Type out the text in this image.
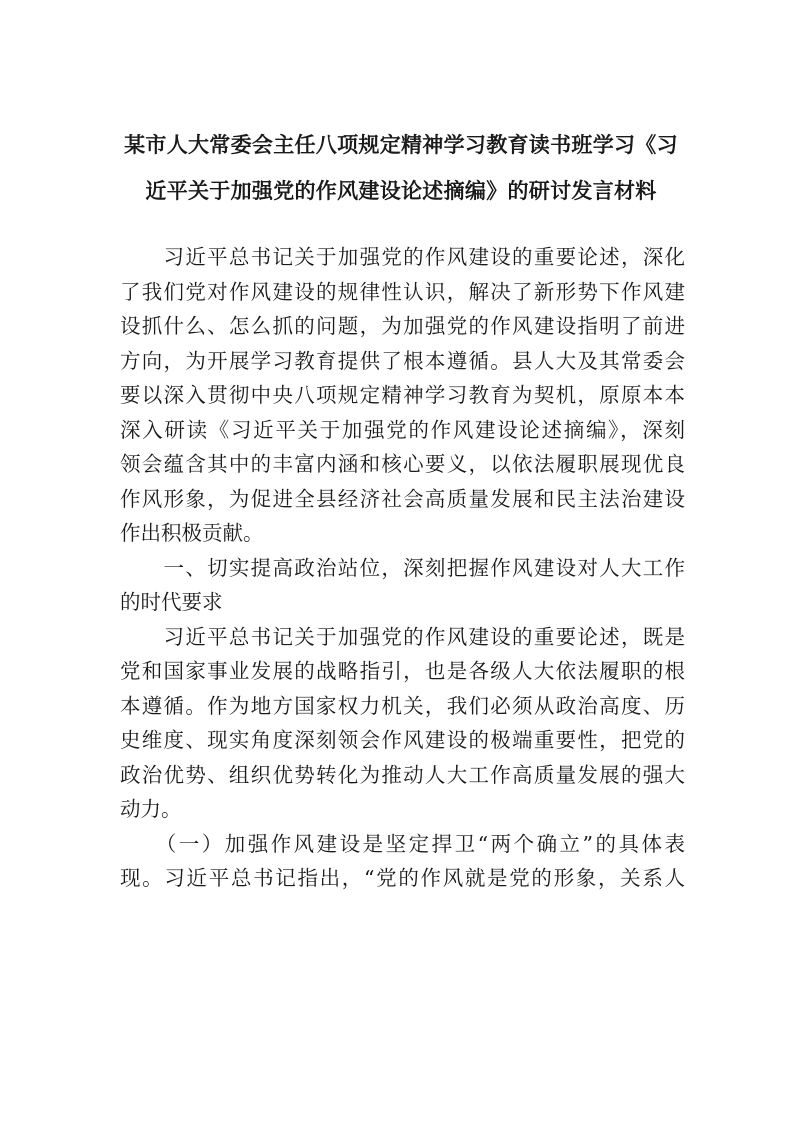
某市人大常委会主任八项规定精神学习教育读书班学习《习
近平关于加强党的作风建设论述摘编》的研讨发言材料
　　习近平总书记关于加强党的作风建设的重要论述，深化
了我们党对作风建设的规律性认识，解决了新形势下作风建
设抓什么、怎么抓的问题，为加强党的作风建设指明了前进
方向，为开展学习教育提供了根本遵循。县人大及其常委会
要以深入贯彻中央八项规定精神学习教育为契机，原原本本
深入研读《习近平关于加强党的作风建设论述摘编》，深刻
领会蕴含其中的丰富内涵和核心要义，以依法履职展现优良
作风形象，为促进全县经济社会高质量发展和民主法治建设
作出积极贡献。
　　一、切实提高政治站位，深刻把握作风建设对人大工作
的时代要求
　　习近平总书记关于加强党的作风建设的重要论述，既是
党和国家事业发展的战略指引，也是各级人大依法履职的根
本遵循。作为地方国家权力机关，我们必须从政治高度、历
史维度、现实角度深刻领会作风建设的极端重要性，把党的
政治优势、组织优势转化为推动人大工作高质量发展的强大
动力。
　　（一）加强作风建设是坚定捍卫“两个确立”的具体表
现。习近平总书记指出，“党的作风就是党的形象，关系人
